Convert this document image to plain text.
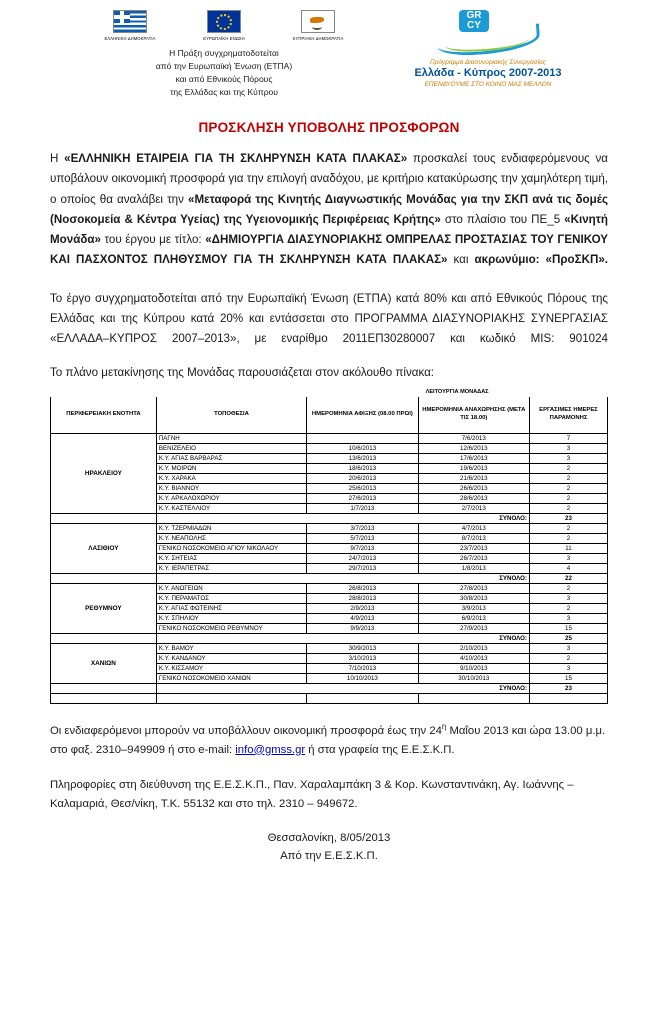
ΕΛΛΗΝΙΚΗ ΔΗΜΟΚΡΑΤΙΑ	ΕΥΡΩΠΑΪΚΗ ΕΝΩΣΗ	ΚΥΠΡΙΑΚΗ ΔΗΜΟΚΡΑΤΙΑ
Η Πράξη συγχρηματοδοτείται
από την Ευρωπαϊκή Ένωση (ΕΤΠΑ)
και από Εθνικούς Πόρους
της Ελλάδας και της Κύπρου
GR
CY
Πρόγραμμα Διασυνοριακής Συνεργασίας
Ελλάδα - Κύπρος 2007-2013
ΕΠΕΝΔΥΟΥΜΕ ΣΤΟ ΚΟΙΝΟ ΜΑΣ ΜΕΛΛΟΝ
ΠΡΟΣΚΛΗΣΗ ΥΠΟΒΟΛΗΣ ΠΡΟΣΦΟΡΩΝ

Η «ΕΛΛΗΝΙΚΗ ΕΤΑΙΡΕΙΑ ΓΙΑ ΤΗ ΣΚΛΗΡΥΝΣΗ ΚΑΤΑ ΠΛΑΚΑΣ» προσκαλεί τους ενδιαφερόμενους να υποβάλουν οικονομική προσφορά για την επιλογή αναδόχου, με κριτήριο κατακύρωσης την χαμηλότερη τιμή, ο οποίος θα αναλάβει την «Μεταφορά της Κινητής Διαγνωστικής Μονάδας για την ΣΚΠ ανά τις δομές (Νοσοκομεία & Κέντρα Υγείας) της Υγειονομικής Περιφέρειας Κρήτης» στο πλαίσιο του ΠΕ_5 «Κινητή Μονάδα» του έργου με τίτλο: «ΔΗΜΙΟΥΡΓΙΑ ΔΙΑΣΥΝΟΡΙΑΚΗΣ ΟΜΠΡΕΛΑΣ ΠΡΟΣΤΑΣΙΑΣ ΤΟΥ ΓΕΝΙΚΟΥ ΚΑΙ ΠΑΣΧΟΝΤΟΣ ΠΛΗΘΥΣΜΟΥ ΓΙΑ ΤΗ ΣΚΛΗΡΥΝΣΗ ΚΑΤΑ ΠΛΑΚΑΣ» και ακρωνύμιο: «ΠροΣΚΠ».

Το έργο συγχρηματοδοτείται από την Ευρωπαϊκή Ένωση (ΕΤΠΑ) κατά 80% και από Εθνικούς Πόρους της Ελλάδας και της Κύπρου κατά 20% και εντάσσεται στο ΠΡΟΓΡΑΜΜΑ ΔΙΑΣΥΝΟΡΙΑΚΗΣ ΣΥΝΕΡΓΑΣΙΑΣ «ΕΛΛΑΔΑ–ΚΥΠΡΟΣ 2007–2013», με εναρίθμο 2011ΕΠ30280007 και κωδικό MIS: 901024

Το πλάνο μετακίνησης της Μονάδας παρουσιάζεται στον ακόλουθο πίνακα:
		ΛΕΙΤΟΥΡΓΙΑ ΜΟΝΑΔΑΣ		
ΠΕΡΙΦΕΡΕΙΑΚΗ ΕΝΟΤΗΤΑ	ΤΟΠΟΘΕΣΙΑ	ΗΜΕΡΟΜΗΝΙΑ ΑΦΙΞΗΣ (08.00 ΠΡΩΙ)	ΗΜΕΡΟΜΗΝΙΑ ΑΝΑΧΩΡΗΣΗΣ (ΜΕΤΑ ΤΙΣ 18.00)	ΕΡΓΑΣΙΜΕΣ ΗΜΕΡΕΣ ΠΑΡΑΜΟΝΗΣ
ΗΡΑΚΛΕΙΟΥ	ΠΑΓΝΗ		7/6/2013	7
	ΒΕΝΙΖΕΛΕΙΟ	10/6/2013	12/6/2013	3
	Κ.Υ. ΑΓΙΑΣ ΒΑΡΒΑΡΑΣ	13/6/2013	17/6/2013	3
	Κ.Υ. ΜΟΙΡΩΝ	18/6/2013	19/6/2013	2
	Κ.Υ. ΧΑΡΑΚΑ	20/6/2013	21/6/2013	2
	Κ.Υ. ΒΙΑΝΝΟΥ	25/6/2013	26/6/2013	2
	Κ.Υ. ΑΡΚΑΛΟΧΩΡΙΟΥ	27/6/2013	28/6/2013	2
	Κ.Υ. ΚΑΣΤΕΛΛΙΟΥ	1/7/2013	2/7/2013	2
	ΣΥΝΟΛΟ:			23
ΛΑΣΙΘΙΟΥ	Κ.Υ. ΤΖΕΡΜΙΑΔΩΝ	3/7/2013	4/7/2013	2
	Κ.Υ. ΝΕΑΠΟΛΗΣ	5/7/2013	8/7/2013	2
	ΓΕΝΙΚΟ ΝΟΣΟΚΟΜΕΙΟ ΑΓΙΟΥ ΝΙΚΟΛΑΟΥ	9/7/2013	23/7/2013	11
	Κ.Υ. ΣΗΤΕΙΑΣ	24/7/2013	26/7/2013	3
	Κ.Υ. ΙΕΡΑΠΕΤΡΑΣ	29/7/2013	1/8/2013	4
	ΣΥΝΟΛΟ:			22
ΡΕΘΥΜΝΟΥ	Κ.Υ. ΑΝΩΓΕΙΩΝ	26/8/2013	27/8/2013	2
	Κ.Υ. ΠΕΡΑΜΑΤΟΣ	28/8/2013	30/8/2013	3
	Κ.Υ. ΑΓΙΑΣ ΦΩΤΕΙΝΗΣ	2/9/2013	3/9/2013	2
	Κ.Υ. ΣΠΗΛΙΟΥ	4/9/2013	6/9/2013	3
	ΓΕΝΙΚΟ ΝΟΣΟΚΟΜΕΙΟ ΡΕΘΥΜΝΟΥ	9/9/2013	27/9/2013	15
	ΣΥΝΟΛΟ:			25
ΧΑΝΙΩΝ	Κ.Υ. ΒΑΜΟΥ	30/9/2013	2/10/2013	3
	Κ.Υ. ΚΑΝΔΑΝΟΥ	3/10/2013	4/10/2013	2
	Κ.Υ. ΚΙΣΣΑΜΟΥ	7/10/2013	9/10/2013	3
	ΓΕΝΙΚΟ ΝΟΣΟΚΟΜΕΙΟ ΧΑΝΙΩΝ	10/10/2013	30/10/2013	15
	ΣΥΝΟΛΟ:			23

Οι ενδιαφερόμενοι μπορούν να υποβάλλουν οικονομική προσφορά έως την $24^\eta$ Μαΐου 2013 και ώρα 13.00 μ.μ. στο φαξ. 2310–949909 ή στο e-mail: info@gmss.gr ή στα γραφεία της Ε.Ε.Σ.Κ.Π.

Πληροφορίες στη διεύθυνση της Ε.Ε.Σ.Κ.Π., Παν. Χαραλαμπάκη 3 & Κορ. Κωνσταντινάκη, Αγ. Ιωάννης – Καλαμαριά, Θεσ/νίκη, Τ.Κ. 55132 και στο τηλ. 2310 – 949672.

Θεσσαλονίκη, 8/05/2013
Από την Ε.Ε.Σ.Κ.Π.
